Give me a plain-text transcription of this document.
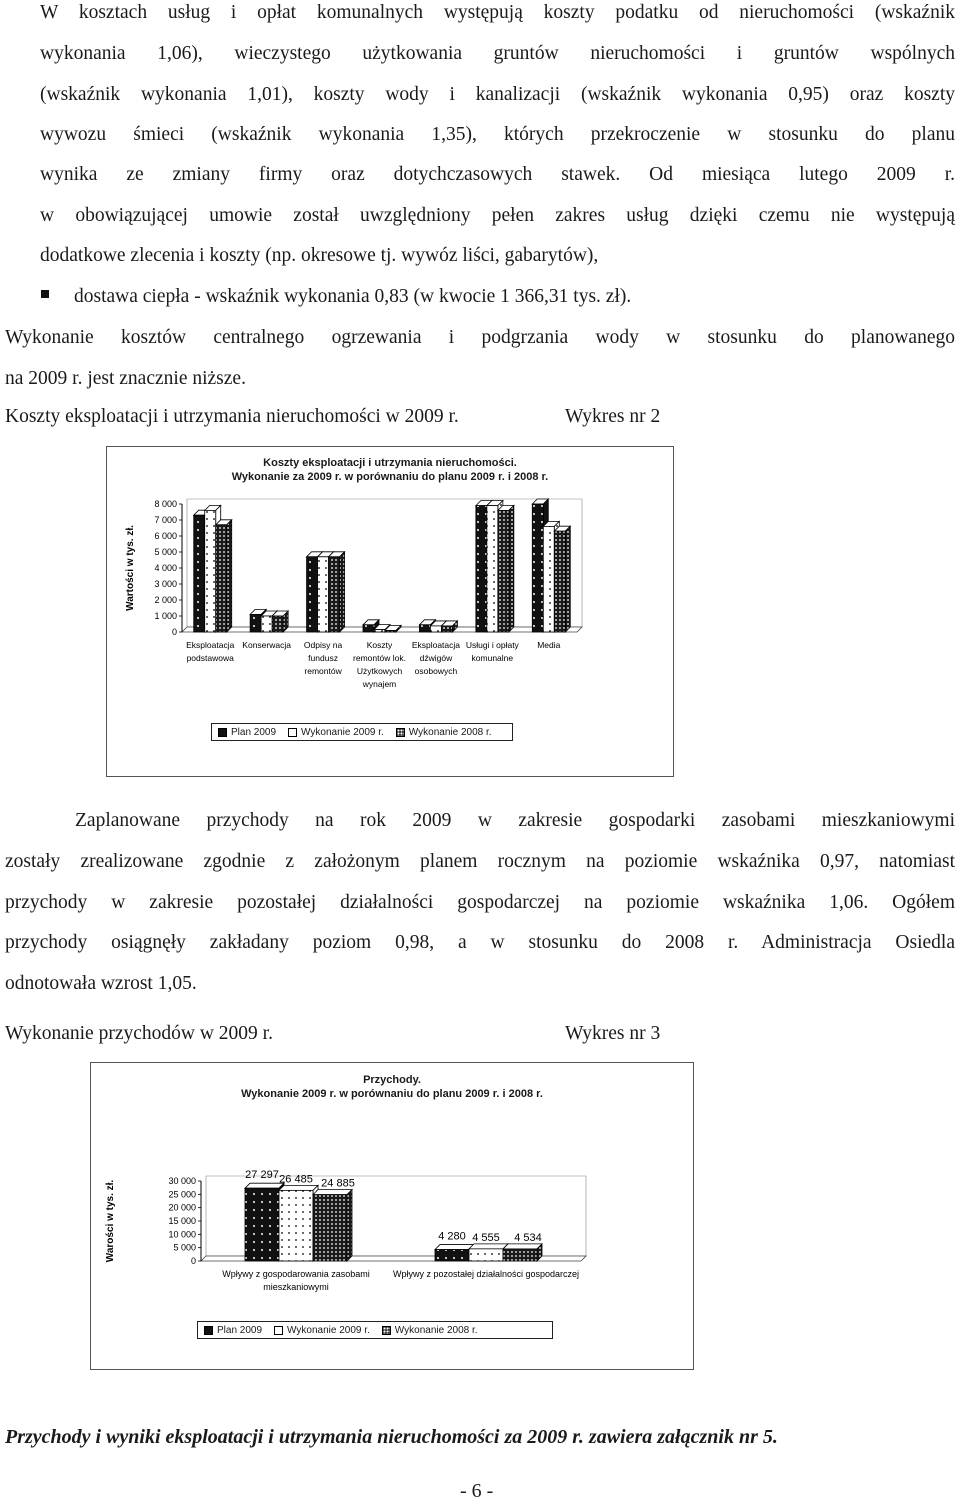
W kosztach usług i opłat komunalnych występują koszty podatku od nieruchomości (wskaźnik
wykonania 1,06), wieczystego użytkowania gruntów nieruchomości i gruntów wspólnych
(wskaźnik wykonania 1,01), koszty wody i kanalizacji (wskaźnik wykonania 0,95) oraz koszty
wywozu śmieci (wskaźnik wykonania 1,35), których przekroczenie w stosunku do planu
wynika ze zmiany firmy oraz dotychczasowych stawek. Od miesiąca lutego 2009 r.
w obowiązującej umowie został uwzględniony pełen zakres usług dzięki czemu nie występują
dodatkowe zlecenia i koszty (np. okresowe tj. wywóz liści, gabarytów),
dostawa ciepła - wskaźnik wykonania 0,83 (w kwocie 1 366,31 tys. zł).
Wykonanie kosztów centralnego ogrzewania i podgrzania wody w stosunku do planowanego
na 2009 r. jest znacznie niższe.
Koszty eksploatacji i utrzymania nieruchomości w 2009 r.	Wykres nr 2
Koszty eksploatacji i utrzymania nieruchomości.
Wykonanie za 2009 r. w porównaniu do planu 2009 r. i 2008 r.
0
1 000
2 000
3 000
4 000
5 000
6 000
7 000
8 000
Wartości w tys. zł.
Eksploatacja podstawowa
Konserwacja Odpisy na fundusz remontów
Koszty remontów lok. Użytkowych wynajem
Eksploatacja dźwigów osobowych
Usługi i opłaty komunalne
Media
Plan 2009	Wykonanie 2009 r.	Wykonanie 2008 r.
Zaplanowane przychody na rok 2009 w zakresie gospodarki zasobami mieszkaniowymi
zostały zrealizowane zgodnie z założonym planem rocznym na poziomie wskaźnika 0,97, natomiast
przychody w zakresie pozostałej działalności gospodarczej na poziomie wskaźnika 1,06. Ogółem
przychody osiągnęły zakładany poziom 0,98, a w stosunku do 2008 r. Administracja Osiedla
odnotowała wzrost 1,05.
Wykonanie przychodów w 2009 r.	Wykres nr 3
Przychody.
Wykonanie 2009 r. w porównaniu do planu 2009 r. i 2008 r.
0
5 000
10 000
15 000
20 000
25 000
30 000
Warości w tys. zł.
27 297 26 485 24 885
Wpływy z gospodarowania zasobami mieszkaniowymi
4 280 4 555 4 534
Wpływy z pozostałej działalności gospodarczej
Plan 2009	Wykonanie 2009 r.	Wykonanie 2008 r.
Przychody i wyniki eksploatacji i utrzymania nieruchomości za 2009 r. zawiera załącznik nr 5.
- 6 -
